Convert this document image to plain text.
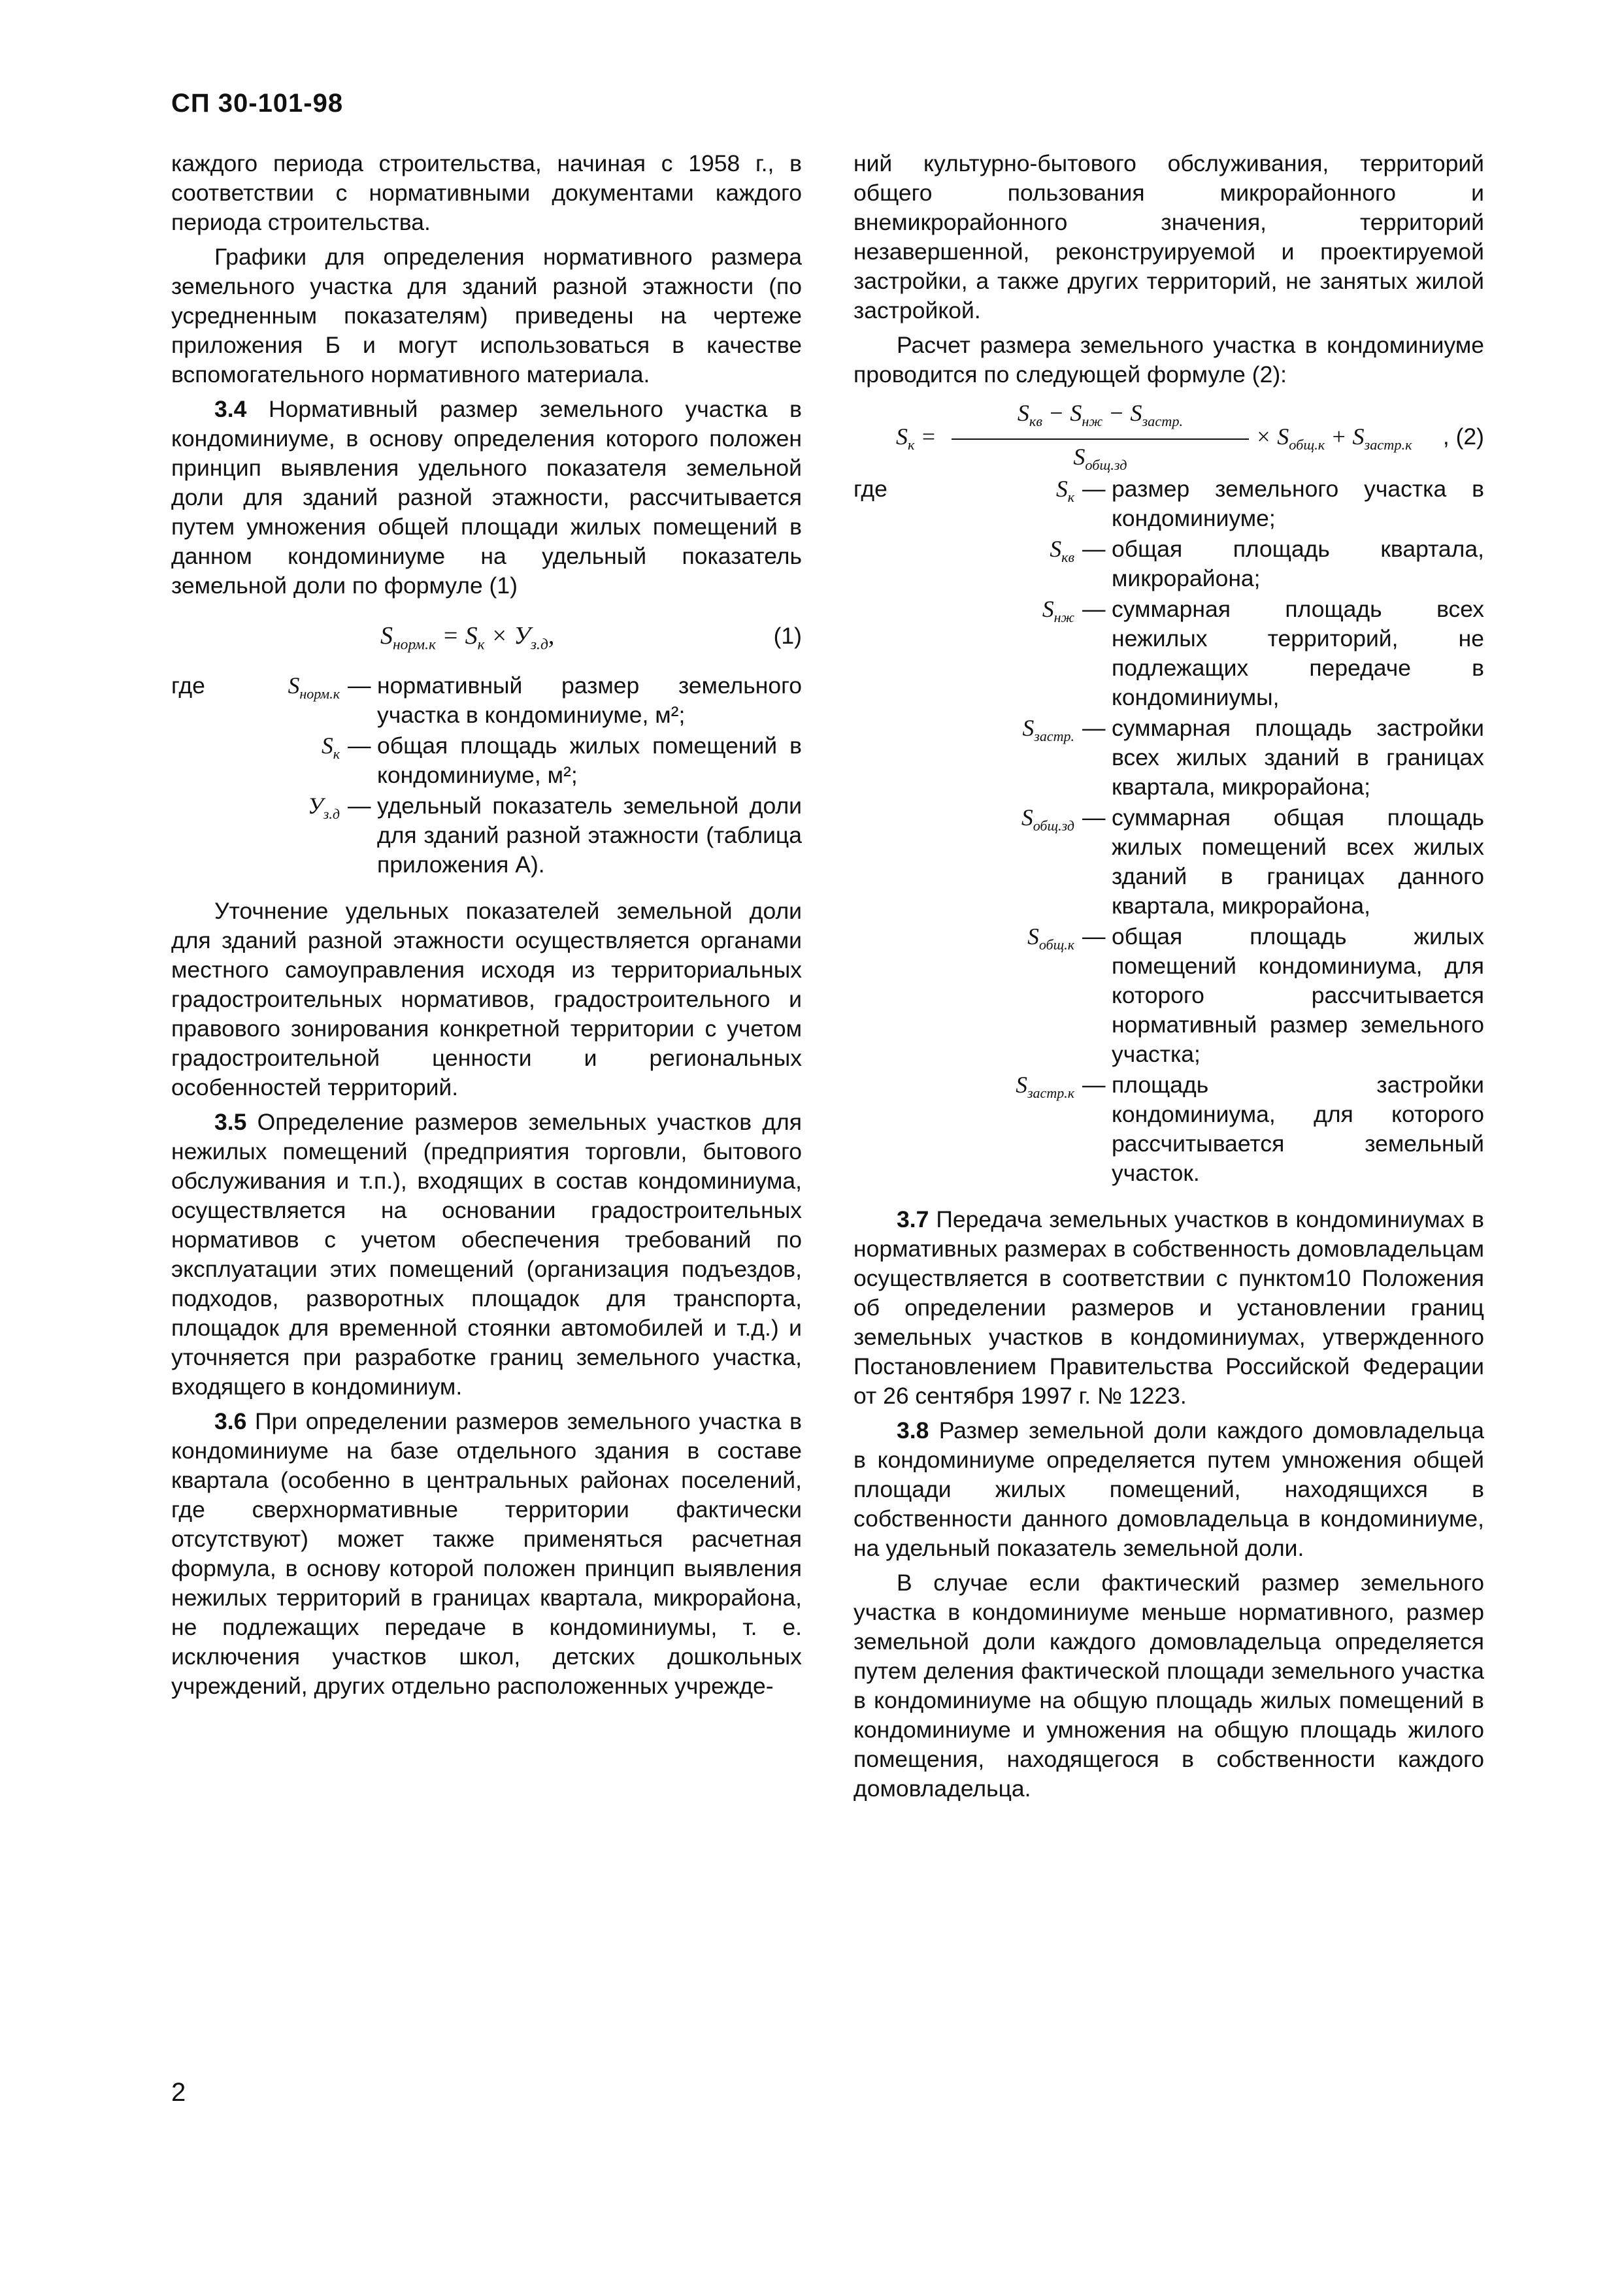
СП 30-101-98

каждого периода строительства, начиная с 1958 г., в соответствии с нормативными документами каждого периода строительства.

Графики для определения нормативного размера земельного участка для зданий разной этажности (по усредненным показателям) приведены на чертеже приложения Б и могут использоваться в качестве вспомогательного нормативного материала.

3.4 Нормативный размер земельного участка в кондоминиуме, в основу определения которого положен принцип выявления удельного показателя земельной доли для зданий разной этажности, рассчитывается путем умножения общей площади жилых помещений в данном кондоминиуме на удельный показатель земельной доли по формуле (1)

$S_{норм.к} = S_к \times У_{з.д}$,	(1)
где	$S_{норм.к}$ — нормативный размер земельного участка в кондоминиуме, м²;
$S_к$ — общая площадь жилых помещений в кондоминиуме, м²;
$У_{з.д}$ — удельный показатель земельной доли для зданий разной этажности (таблица приложения А).

Уточнение удельных показателей земельной доли для зданий разной этажности осуществляется органами местного самоуправления исходя из территориальных градостроительных нормативов, градостроительного и правового зонирования конкретной территории с учетом градостроительной ценности и региональных особенностей территорий.

3.5 Определение размеров земельных участков для нежилых помещений (предприятия торговли, бытового обслуживания и т.п.), входящих в состав кондоминиума, осуществляется на основании градостроительных нормативов с учетом обеспечения требований по эксплуатации этих помещений (организация подъездов, подходов, разворотных площадок для транспорта, площадок для временной стоянки автомобилей и т.д.) и уточняется при разработке границ земельного участка, входящего в кондоминиум.

3.6 При определении размеров земельного участка в кондоминиуме на базе отдельного здания в составе квартала (особенно в центральных районах поселений, где сверхнормативные территории фактически отсутствуют) может также применяться расчетная формула, в основу которой положен принцип выявления нежилых территорий в границах квартала, микрорайона, не подлежащих передаче в кондоминиумы, т. е. исключения участков школ, детских дошкольных учреждений, других отдельно расположенных учрежде-

ний культурно-бытового обслуживания, территорий общего пользования микрорайонного и внемикрорайонного значения, территорий незавершенной, реконструируемой и проектируемой застройки, а также других территорий, не занятых жилой застройкой.

Расчет размера земельного участка в кондоминиуме проводится по следующей формуле (2):

$S_к$ =
$S_{кв} - S_{нж} - S_{застр.}$
$S_{общ.зд}$
× $S_{общ.к} + S_{застр.к}$ , (2)
где	$S_к$ — размер земельного участка в кондоминиуме;
$S_{кв}$ — общая площадь квартала, микрорайона;
$S_{нж}$ — суммарная площадь всех нежилых территорий, не подлежащих передаче в кондоминиумы,
$S_{застр.}$ — суммарная площадь застройки всех жилых зданий в границах квартала, микрорайона;
$S_{общ.зд}$ — суммарная общая площадь жилых помещений всех жилых зданий в границах данного квартала, микрорайона,
$S_{общ.к}$ — общая площадь жилых помещений кондоминиума, для которого рассчитывается нормативный размер земельного участка;
$S_{застр.к}$ — площадь застройки кондоминиума, для которого рассчитывается земельный участок.

3.7 Передача земельных участков в кондоминиумах в нормативных размерах в собственность домовладельцам осуществляется в соответствии с пунктом10 Положения об определении размеров и установлении границ земельных участков в кондоминиумах, утвержденного Постановлением Правительства Российской Федерации от 26 сентября 1997 г. № 1223.

3.8 Размер земельной доли каждого домовладельца в кондоминиуме определяется путем умножения общей площади жилых помещений, находящихся в собственности данного домовладельца в кондоминиуме, на удельный показатель земельной доли.

В случае если фактический размер земельного участка в кондоминиуме меньше нормативного, размер земельной доли каждого домовладельца определяется путем деления фактической площади земельного участка в кондоминиуме на общую площадь жилых помещений в кондоминиуме и умножения на общую площадь жилого помещения, находящегося в собственности каждого домовладельца.

2
